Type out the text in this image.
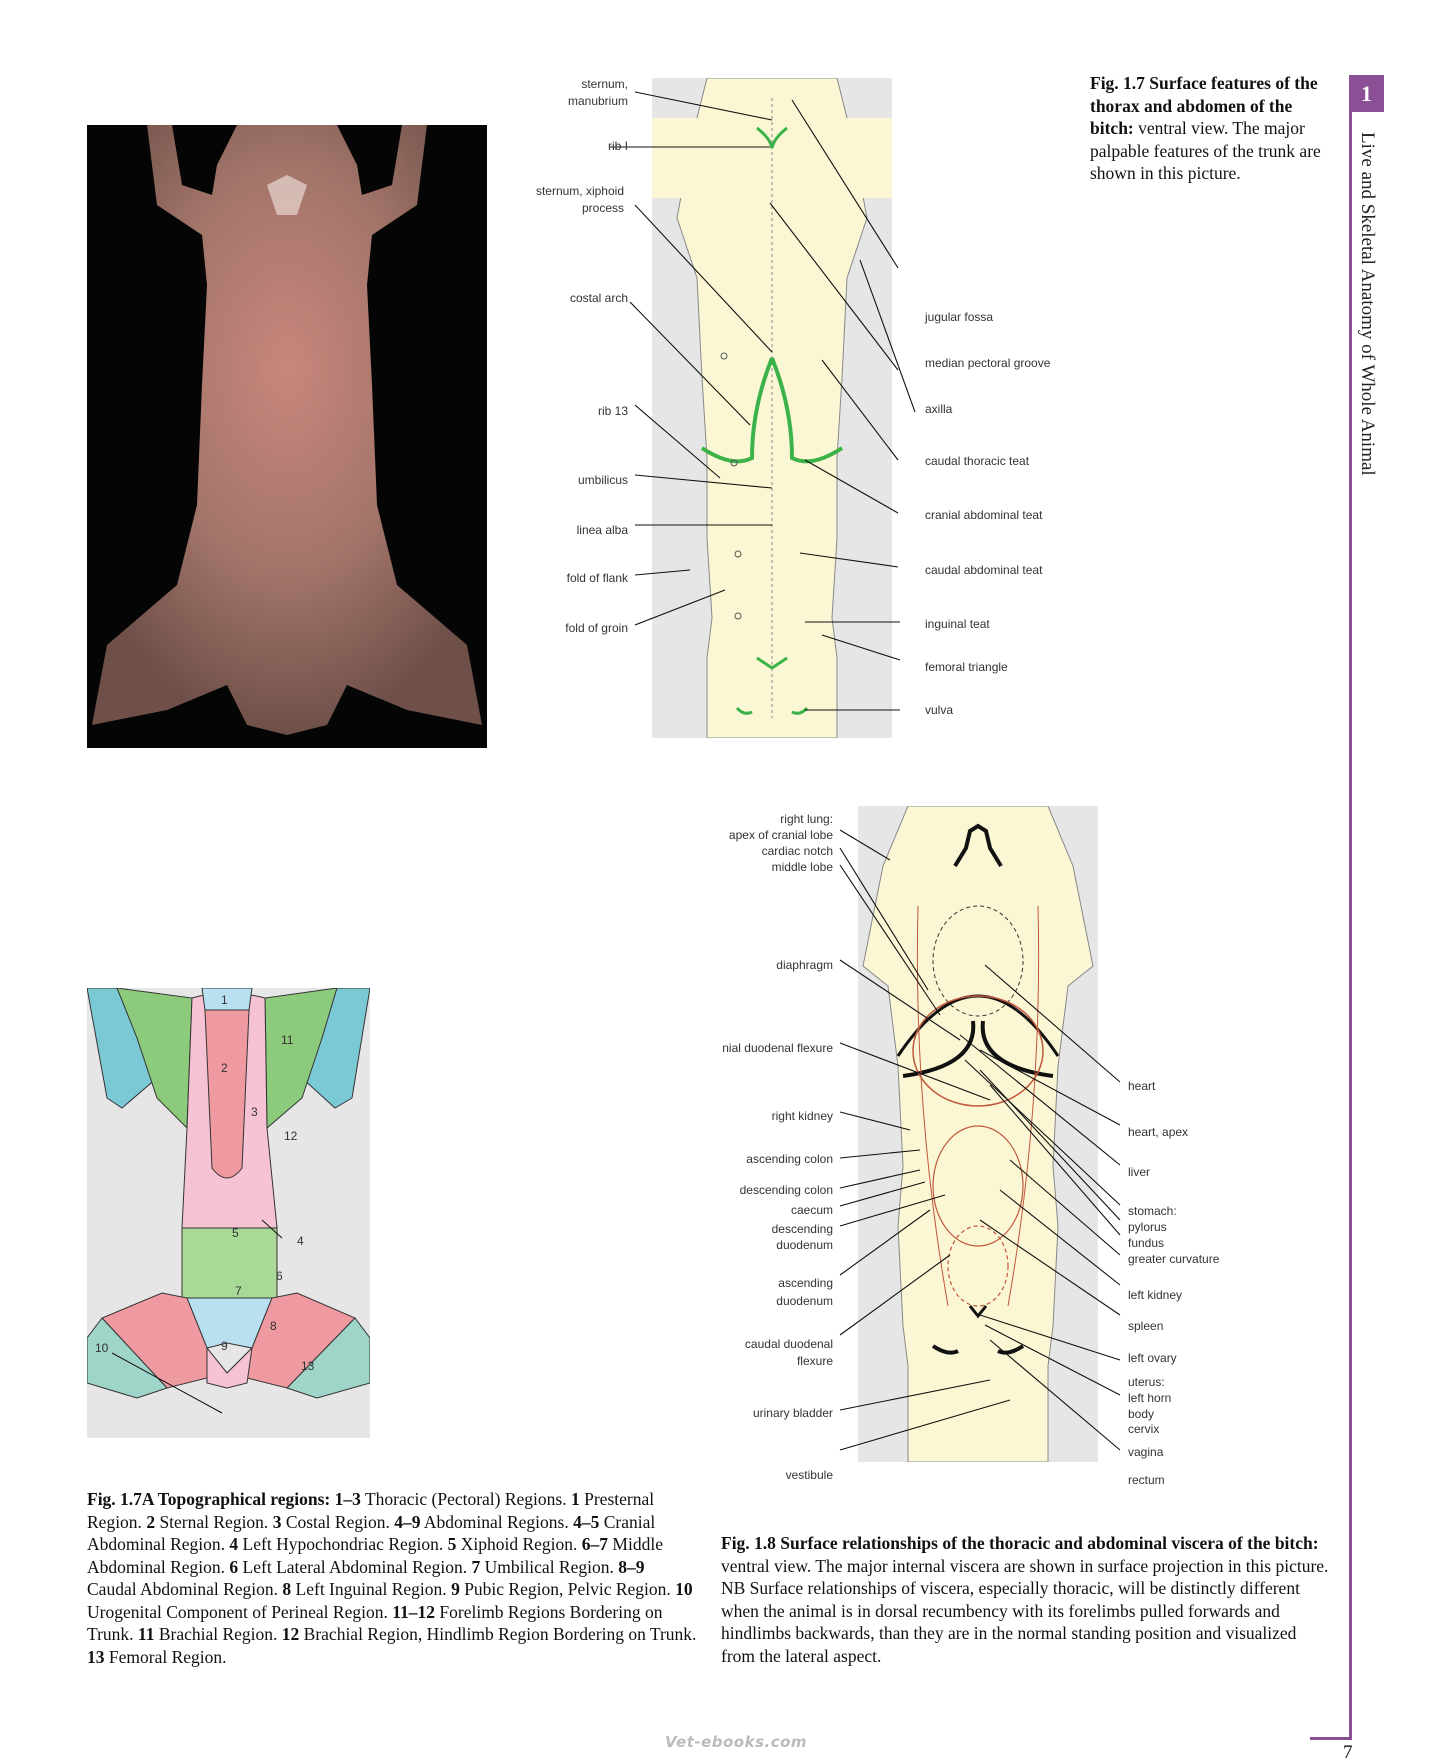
sternum,
manubrium
rib I
sternum, xiphoid
process
costal arch
rib 13
umbilicus
linea alba
fold of flank
fold of groin
jugular fossa
median pectoral groove
axilla
caudal thoracic teat
cranial abdominal teat
caudal abdominal teat
inguinal teat
femoral triangle
vulva
Fig. 1.7 Surface features of the thorax and abdomen of the bitch: ventral view. The major palpable features of the trunk are shown in this picture.
right lung:
apex of cranial lobe
cardiac notch
middle lobe
diaphragm
nial duodenal flexure
right kidney
ascending colon
descending colon
caecum
descending
duodenum
ascending
duodenum
caudal duodenal
flexure
urinary bladder
vestibule
heart
heart, apex
liver
stomach:
pylorus
fundus
greater curvature
left kidney
spleen
left ovary
uterus:
left horn
body
cervix
vagina
rectum
1
2
3
4
5
6
7
8
9
10
11
12
13
Fig. 1.7A Topographical regions: 1–3 Thoracic (Pectoral) Regions. 1 Presternal Region. 2 Sternal Region. 3 Costal Region. 4–9 Abdominal Regions. 4–5 Cranial Abdominal Region. 4 Left Hypochondriac Region. 5 Xiphoid Region. 6–7 Middle Abdominal Region. 6 Left Lateral Abdominal Region. 7 Umbilical Region. 8–9 Caudal Abdominal Region. 8 Left Inguinal Region. 9 Pubic Region, Pelvic Region. 10 Urogenital Component of Perineal Region. 11–12 Forelimb Regions Bordering on Trunk. 11 Brachial Region. 12 Brachial Region, Hindlimb Region Bordering on Trunk. 13 Femoral Region.
Fig. 1.8 Surface relationships of the thoracic and abdominal viscera of the bitch: ventral view. The major internal viscera are shown in surface projection in this picture. NB Surface relationships of viscera, especially thoracic, will be distinctly different when the animal is in dorsal recumbency with its forelimbs pulled forwards and hindlimbs backwards, than they are in the normal standing position and visualized from the lateral aspect.
1
Live and Skeletal Anatomy of Whole Animal
7
Vet-ebooks.com
